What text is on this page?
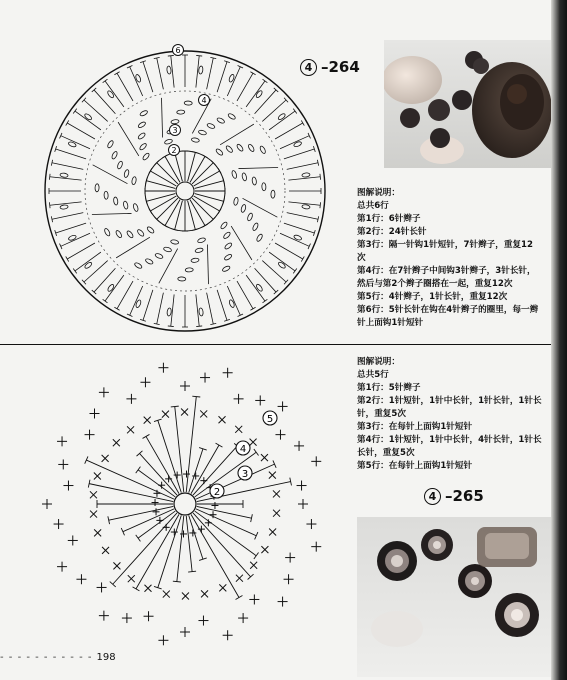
6
4
3
2
4 –264
图解说明：
总共6行
第1行：6针辫子
第2行：24针长针
第3行：隔一针钩1针短针，7针辫子，重复12
次
第4行：在7针辫子中间钩3针辫子，3针长针，
然后与第2个辫子圈搭在一起，重复12次
第5行：4针辫子，1针长针，重复12次
第6行：5针长针在钩在4针辫子的圈里，每一辫
针上面钩1针短针
5
4
3
2
图解说明：
总共5行
第1行：5针辫子
第2行：1针短针，1针中长针，1针长针，1针长
针，重复5次
第3行：在每针上面钩1针短针
第4行：1针短针，1针中长针，4针长针，1针长
长针，重复5次
第5行：在每针上面钩1针短针
4 –265
- - - - - - - - - - - 198
